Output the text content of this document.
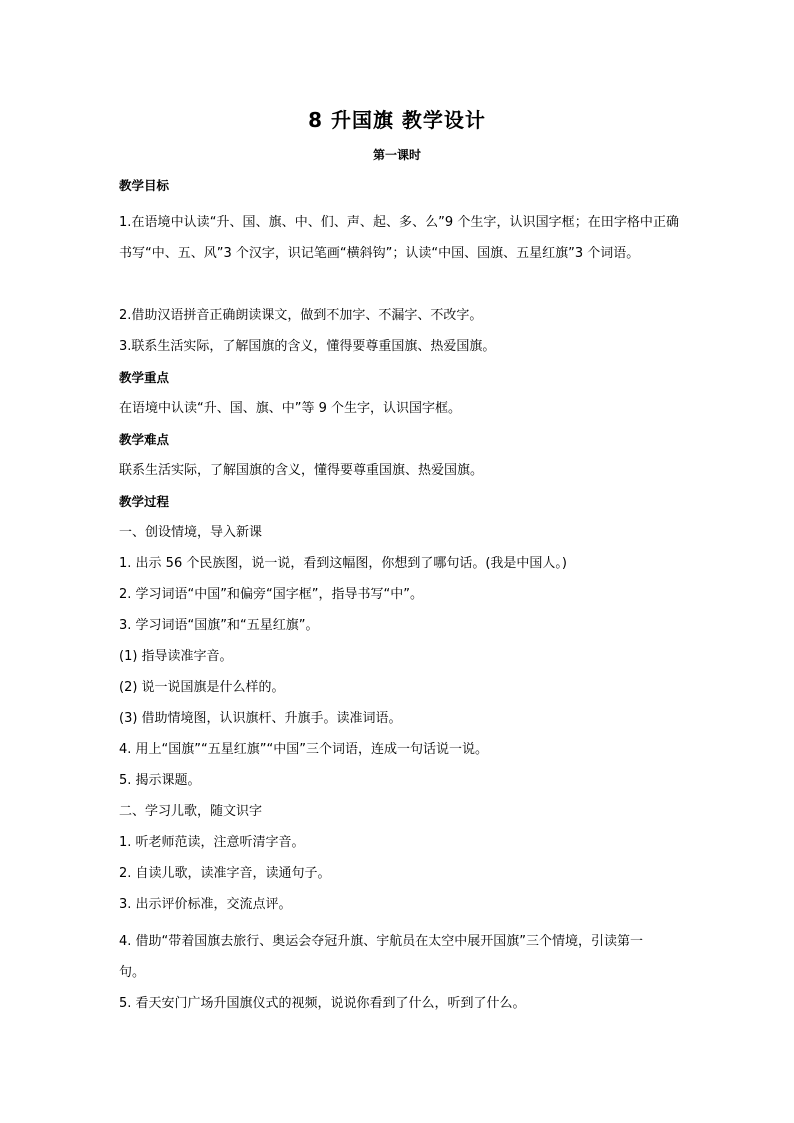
8 升国旗 教学设计
第一课时
教学目标
1.在语境中认读“升、国、旗、中、们、声、起、多、么”9 个生字，认识国字框；在田字格中正确书写“中、五、风”3 个汉字，识记笔画“横斜钩”；认读“中国、国旗、五星红旗”3 个词语。
2.借助汉语拼音正确朗读课文，做到不加字、不漏字、不改字。
3.联系生活实际，了解国旗的含义，懂得要尊重国旗、热爱国旗。
教学重点
在语境中认读“升、国、旗、中”等 9 个生字，认识国字框。
教学难点
联系生活实际，了解国旗的含义，懂得要尊重国旗、热爱国旗。
教学过程
一、创设情境，导入新课
1. 出示 56 个民族图，说一说，看到这幅图，你想到了哪句话。(我是中国人。)
2. 学习词语“中国”和偏旁“国字框”，指导书写“中”。
3. 学习词语“国旗”和“五星红旗”。
(1) 指导读准字音。
(2) 说一说国旗是什么样的。
(3) 借助情境图，认识旗杆、升旗手。读准词语。
4. 用上“国旗”“五星红旗”“中国”三个词语，连成一句话说一说。
5. 揭示课题。
二、学习儿歌，随文识字
1. 听老师范读，注意听清字音。
2. 自读儿歌，读准字音，读通句子。
3. 出示评价标准，交流点评。
4. 借助“带着国旗去旅行、奥运会夺冠升旗、宇航员在太空中展开国旗”三个情境，引读第一句。
5. 看天安门广场升国旗仪式的视频，说说你看到了什么，听到了什么。
